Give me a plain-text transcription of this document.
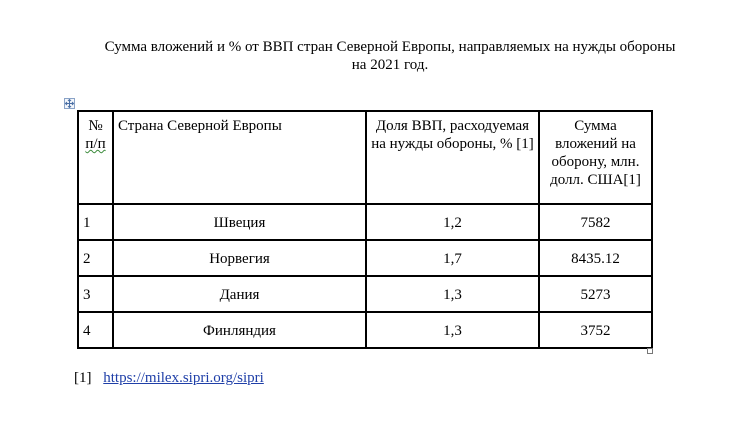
Сумма вложений и % от ВВП стран Северной Европы, направляемых на нужды обороны
на 2021 год.
№
п/п	Страна Северной Европы	Доля ВВП, расходуемая на нужды обороны, % [1]	Сумма вложений на оборону, млн. долл. США[1]
1	Швеция	1,2	7582
2	Норвегия	1,7	8435.12
3	Дания	1,3	5273
4	Финляндия	1,3	3752
[1] https://milex.sipri.org/sipri
